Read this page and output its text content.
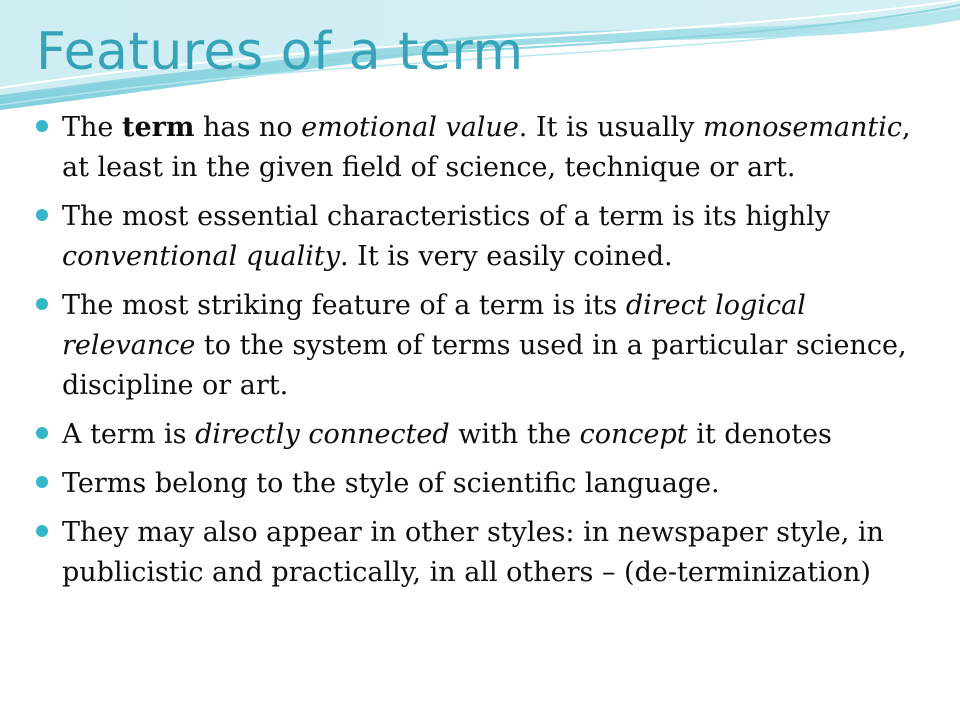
Features of a term
The term has no emotional value. It is usually monosemantic, at least in the given field of science, technique or art.
The most essential characteristics of a term is its highly conventional quality. It is very easily coined.
The most striking feature of a term is its direct logical relevance to the system of terms used in a particular science, discipline or art.
A term is directly connected with the concept it denotes
Terms belong to the style of scientific language.
They may also appear in other styles: in newspaper style, in publicistic and practically, in all others – (de-terminization)
